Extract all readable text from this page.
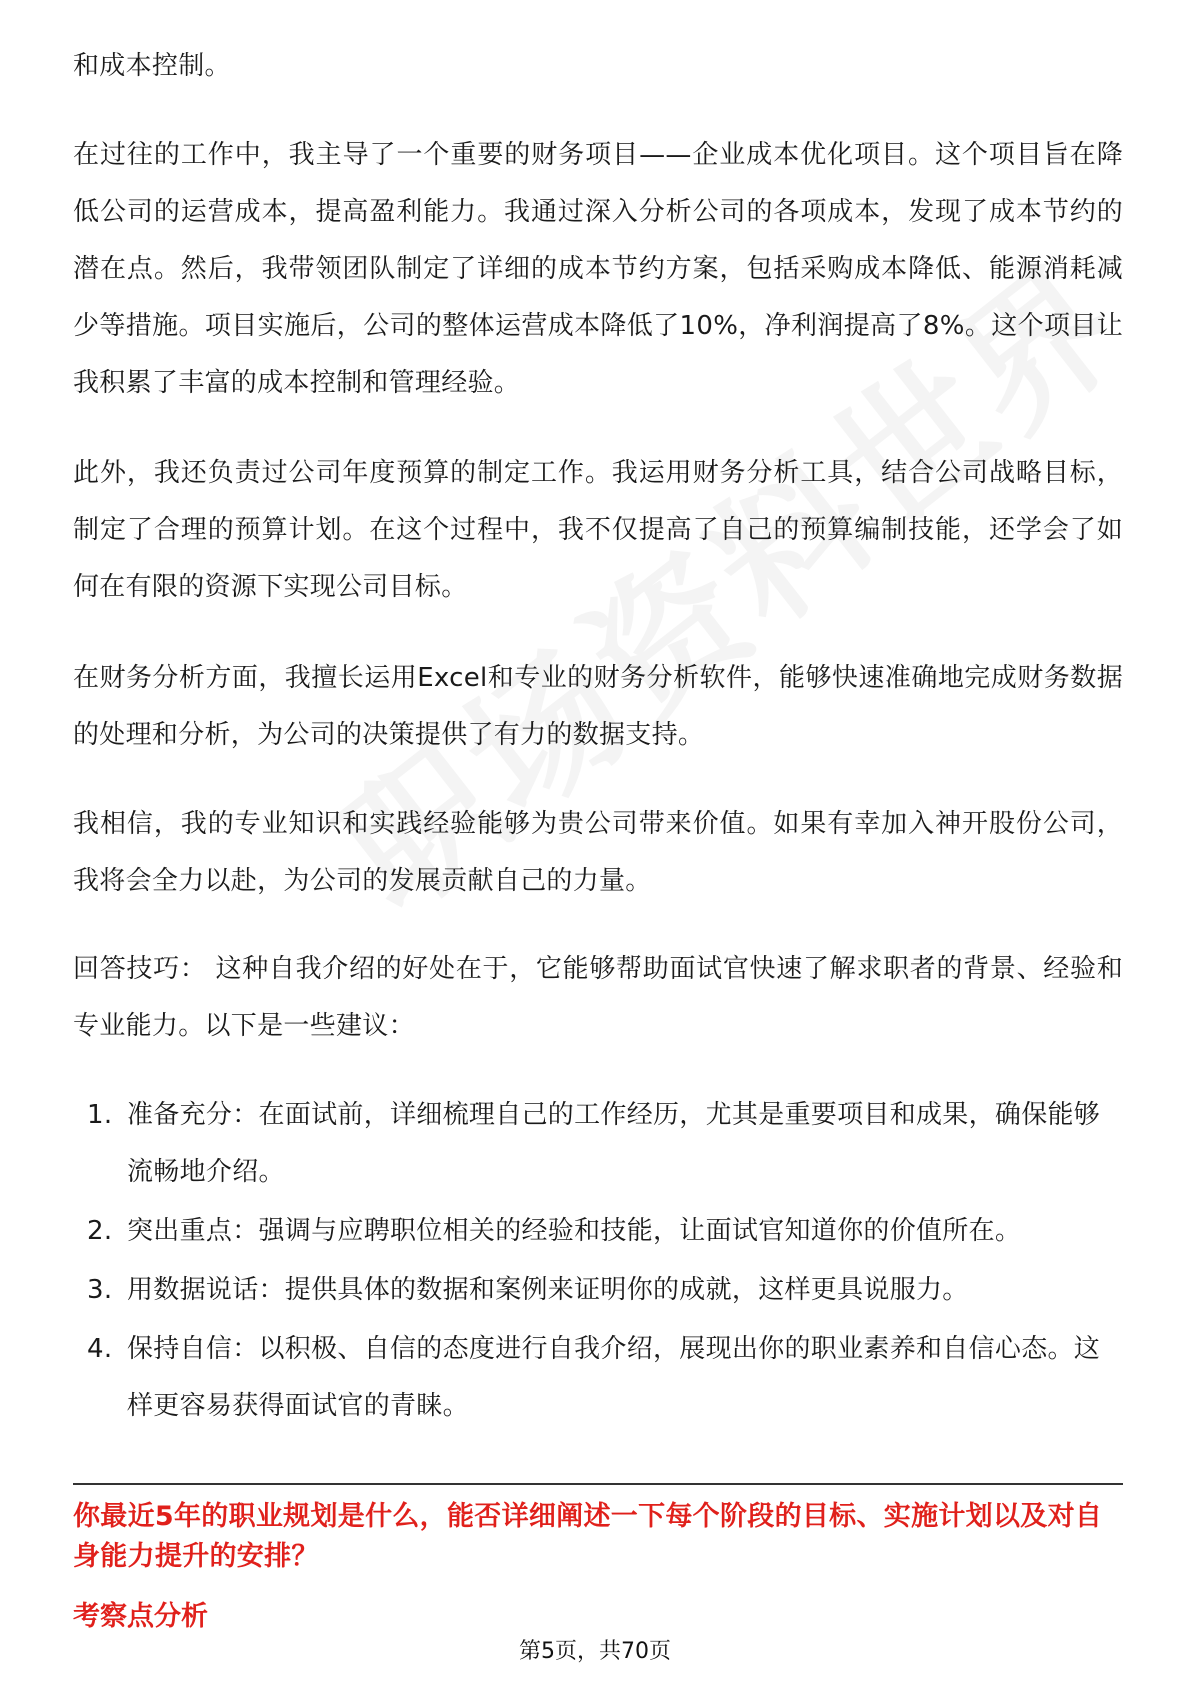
和成本控制。

在过往的工作中，我主导了一个重要的财务项目——企业成本优化项目。这个项目旨在降低公司的运营成本，提高盈利能力。我通过深入分析公司的各项成本，发现了成本节约的潜在点。然后，我带领团队制定了详细的成本节约方案，包括采购成本降低、能源消耗减少等措施。项目实施后，公司的整体运营成本降低了10%，净利润提高了8%。这个项目让我积累了丰富的成本控制和管理经验。

此外，我还负责过公司年度预算的制定工作。我运用财务分析工具，结合公司战略目标，制定了合理的预算计划。在这个过程中，我不仅提高了自己的预算编制技能，还学会了如何在有限的资源下实现公司目标。

在财务分析方面，我擅长运用Excel和专业的财务分析软件，能够快速准确地完成财务数据的处理和分析，为公司的决策提供了有力的数据支持。

我相信，我的专业知识和实践经验能够为贵公司带来价值。如果有幸加入神开股份公司，我将会全力以赴，为公司的发展贡献自己的力量。

回答技巧： 这种自我介绍的好处在于，它能够帮助面试官快速了解求职者的背景、经验和专业能力。以下是一些建议：

1. 准备充分：在面试前，详细梳理自己的工作经历，尤其是重要项目和成果，确保能够流畅地介绍。
2. 突出重点：强调与应聘职位相关的经验和技能，让面试官知道你的价值所在。
3. 用数据说话：提供具体的数据和案例来证明你的成就，这样更具说服力。
4. 保持自信：以积极、自信的态度进行自我介绍，展现出你的职业素养和自信心态。这样更容易获得面试官的青睐。

你最近5年的职业规划是什么，能否详细阐述一下每个阶段的目标、实施计划以及对自身能力提升的安排？

考察点分析

第5页，共70页
